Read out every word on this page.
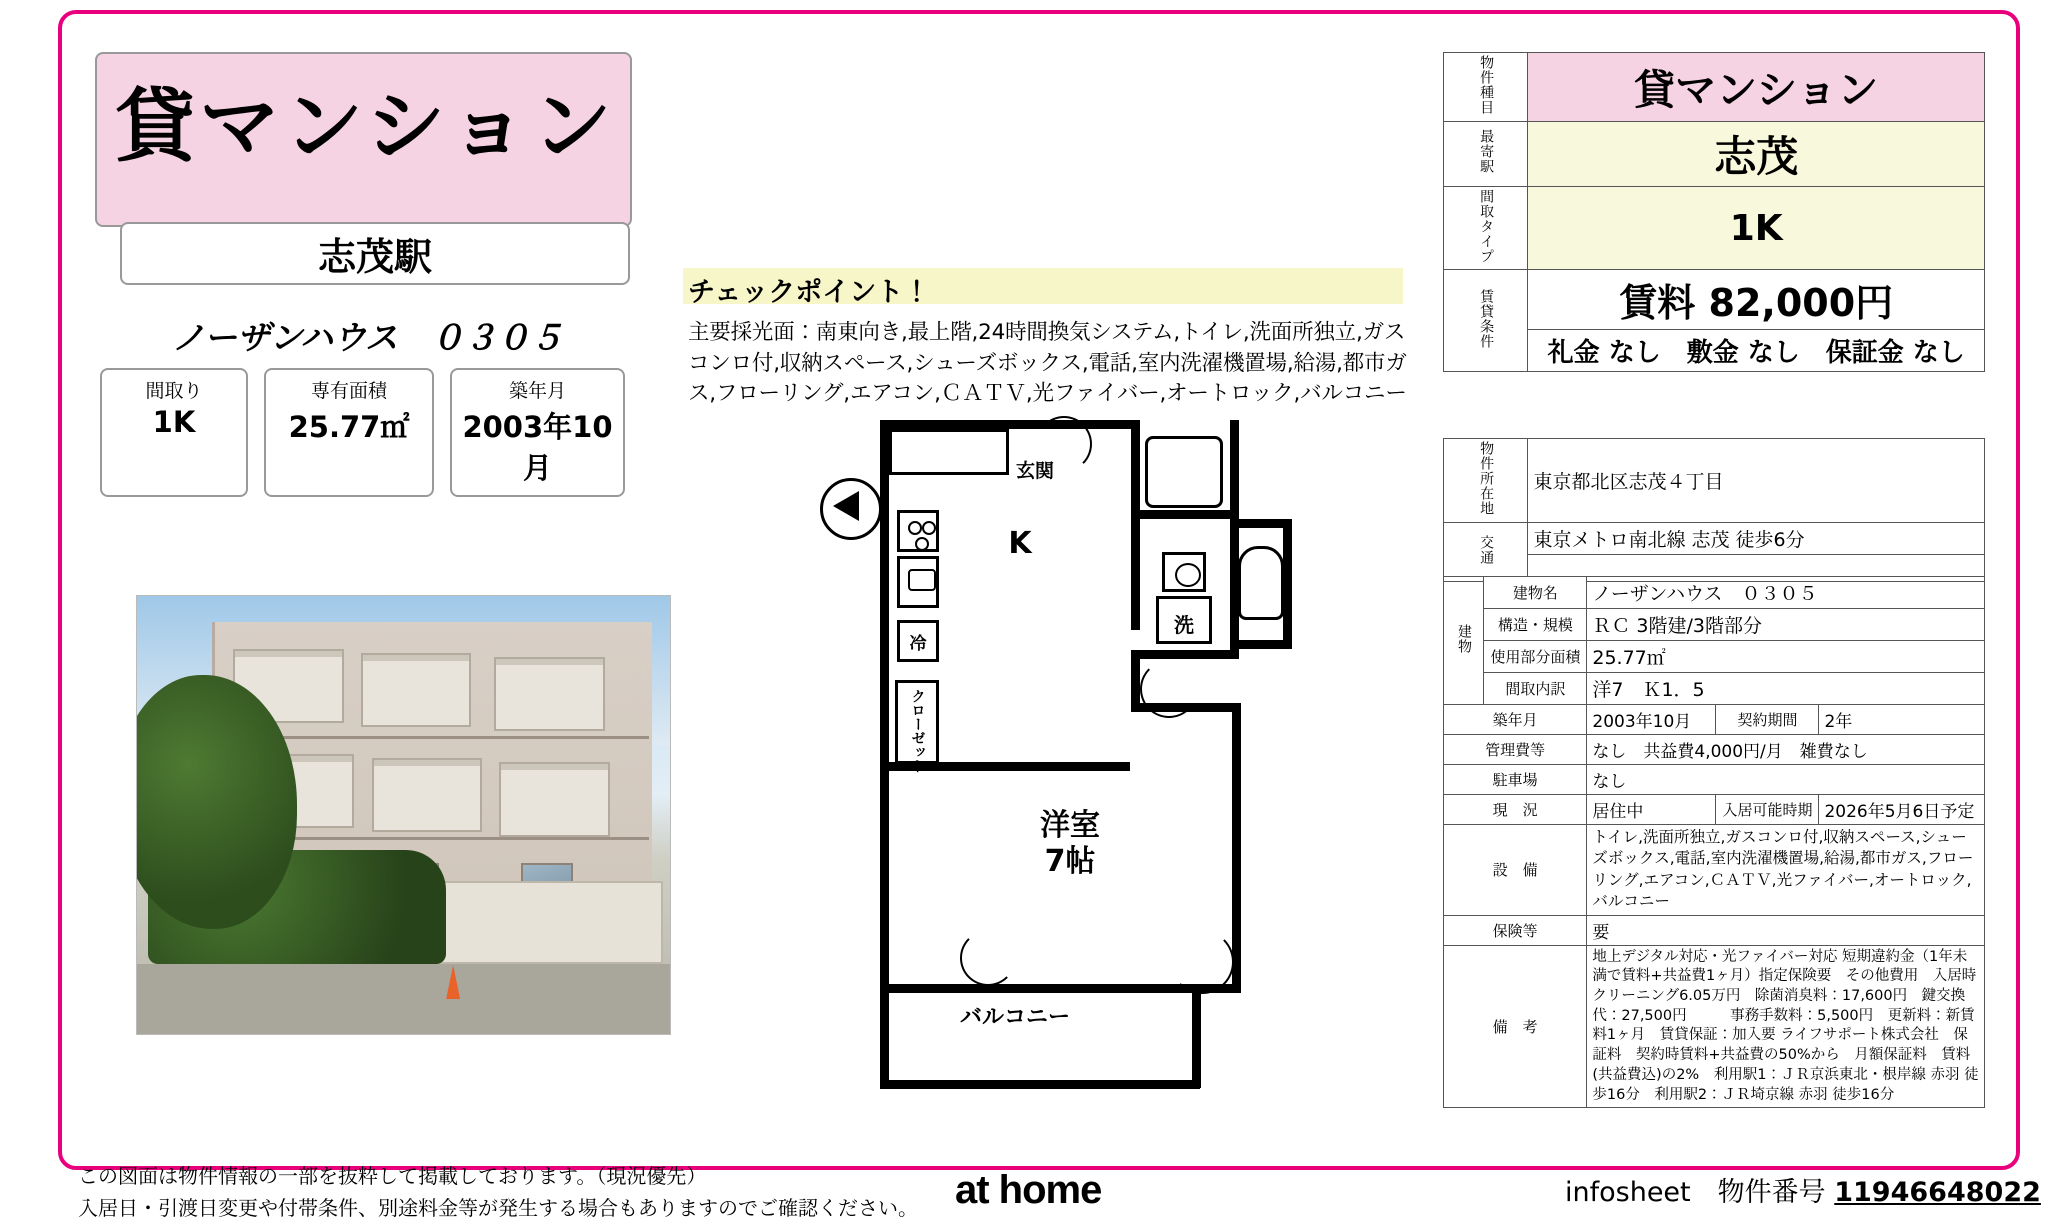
貸マンション
志茂駅
ノーザンハウス　０３０５
間取り
1K
専有面積
25.77㎡
築年月
2003年10月
チェックポイント！
主要採光面：南東向き,最上階,24時間換気システム,トイレ,洗面所独立,ガスコンロ付,収納スペース,シューズボックス,電話,室内洗濯機置場,給湯,都市ガス,フローリング,エアコン,ＣＡＴＶ,光ファイバー,オートロック,バルコニー
玄関
冷
K
クローゼット
洗
洋室
7帖
バルコニー
物件種目	貸マンション
最寄駅	志茂
間取タイプ	1K
賃貸条件	賃料 82,000円
	礼金 なし　敷金 なし　保証金 なし
物件所在地	東京都北区志茂４丁目
交通	東京メトロ南北線 志茂 徒歩6分

建物	建物名	ノーザンハウス　０３０５		
	構造・規模	ＲＣ 3階建/3階部分		
	使用部分面積	25.77㎡		
	間取内訳	洋7　Ｋ1．5		
築年月		2003年10月	契約期間	2年
管理費等		なし　共益費4,000円/月　雑費なし		
駐車場		なし		
現　況		居住中	入居可能時期	2026年5月6日予定
設　備		トイレ,洗面所独立,ガスコンロ付,収納スペース,シューズボックス,電話,室内洗濯機置場,給湯,都市ガス,フローリング,エアコン,ＣＡＴＶ,光ファイバー,オートロック,バルコニー		
保険等		要		
備　考		地上デジタル対応・光ファイバー対応 短期違約金（1年未満で賃料+共益費1ヶ月）指定保険要　その他費用　入居時クリーニング6.05万円　除菌消臭料：17,600円　鍵交換代：27,500円　　　事務手数料：5,500円　更新料：新賃料1ヶ月　賃貸保証：加入要 ライフサポート株式会社　保証料　契約時賃料+共益費の50%から　月額保証料　賃料(共益費込)の2%　利用駅1：ＪＲ京浜東北・根岸線 赤羽 徒歩16分　利用駅2：ＪＲ埼京線 赤羽 徒歩16分		
この図面は物件情報の一部を抜粋して掲載しております。（現況優先）
入居日・引渡日変更や付帯条件、別途料金等が発生する場合もありますのでご確認ください。 at home	infosheet　物件番号 11946648022
